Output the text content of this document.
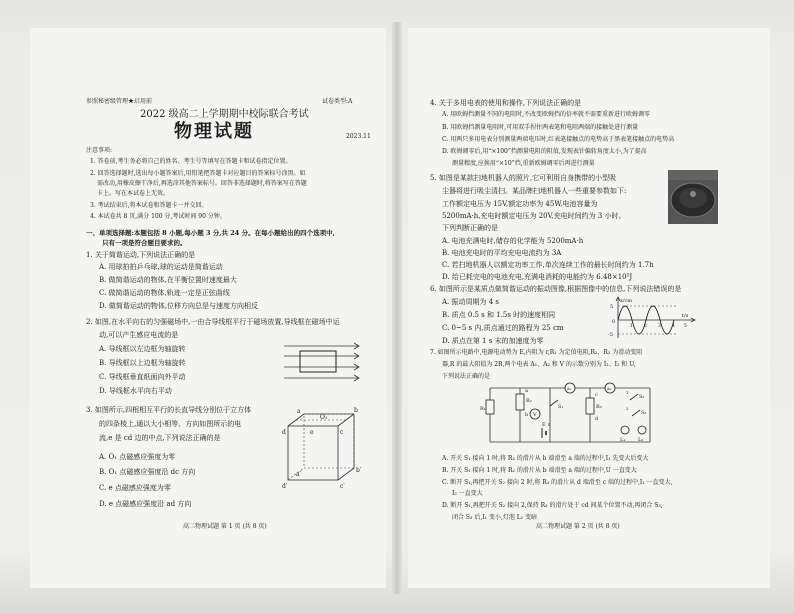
参照秘密级管理★启用前	试卷类型:A
2022 级高二上学期期中校际联合考试
物理试题	2023.11
注意事项:
1. 答卷前,考生务必将自己的姓名、考生号等填写在答题卡和试卷指定位置。
2. 回答选择题时,选出每小题答案后,用铅笔把答题卡对应题目的答案标号涂黑。如
需改动,用橡皮擦干净后,再选涂其他答案标号。回答非选择题时,将答案写在答题
卡上。写在本试卷上无效。
3. 考试结束后,将本试卷和答题卡一并交回。
4. 本试卷共 8 页,满分 100 分,考试时间 90 分钟。
一、单项选择题:本题包括 8 小题,每小题 3 分,共 24 分。在每小题给出的四个选项中,
只有一项是符合题目要求的。
1. 关于简谐运动,下列说法正确的是
A. 用球拍拍乒乓球,球的运动是简谐运动
B. 做简谐运动的物体,在平衡位置时速度最大
C. 做简谐运动的物体,轨迹一定是正弦曲线
D. 做简谐运动的物体,位移方向总是与速度方向相反
2. 如图,在水平向右的匀强磁场中,一由合导线框平行于磁场放置,导线框在磁场中运
动,可以产生感应电流的是
A. 导线框以左边框为轴旋转
B. 导线框以上边框为轴旋转
C. 导线框垂直纸面向外平动
D. 导线框水平向右平动
3. 如图所示,四根相互平行的长直导线分别位于立方体
的四条棱上,通以大小相等、方向如图所示的电
流,e 是 cd 边的中点,下列说法正确的是
A. O₁ 点磁感应强度为零
B. O₁ 点磁感应强度沿 dc 方向
C. e 点磁感应强度为零
D. e 点磁感应强度沿 ad 方向
a	b
c
d
O₁
e
a′
b′
c′
d′
高二物理试题 第 1 页 (共 8 页)
4. 关于多用电表的使用和操作,下列说法正确的是
A. 用欧姆挡测量不同的电阻时,不改变欧姆挡的倍率就不需要重新进行欧姆调零
B. 用欧姆挡测量电阻时,可用双手捏住两表笔和电阻两端的接触处进行测量
C. 用两只多用电表分别测量两端电压时,红表笔接触点的电势高于黑表笔接触点的电势高
D. 欧姆调零后,用“×100”挡测量电阻的阻值,发现表针偏转角度太小,为了提高
测量精度,应换用“×10”挡,重新欧姆调零后再进行测量
5. 如图是某款扫地机器人的照片,它可利用自身携带的小型吸
尘器将进行吸尘清扫。某品牌扫地机器人一些重要参数如下:
工作额定电压为 15V,额定功率为 45W,电池容量为
5200mA·h,充电时额定电压为 20V,充电时间约为 3 小时。
下列判断正确的是
A. 电池充满电时,储存的化学能为 5200mA·h
B. 电池充电时的平均充电电流约为 3A
C. 若扫地机器人以额定功率工作,单次连续工作的最长时间约为 1.7h
D. 给已耗完电的电池充电,充满电消耗的电能约为 6.48×10⁵J
6. 如图所示是某质点做简谐运动的振动图像,根据图像中的信息,下列说法错误的是
A. 振动周期为 4 s
B. 质点 0.5 s 和 1.5s 时的速度相同
C. 0~5 s 内,质点通过的路程为 25 cm
D. 质点在第 1 s 末的加速度为零
x/cm
t/s
5
0
-5
1 2 3 4 5
7. 如图所示电路中,电源电动势为 E,内阻为 r,R₁ 为定值电阻,R₂、R₃ 为滑动变阻
器,R 的最大阻值为 2R,两个电表 A₁、A₂ 和 V 的示数分别为 I₁、I₂ 和 U,
下列说法正确的是
R₁
R₂
R₃
A₁	A₂
V
S₁
S₂
S₃
L₁	L₂
a
b
c
d
E r
1
2
A. 开关 S₁ 接向 1 时,将 R₂ 的滑片从 b 端滑至 a 端的过程中,I₁ 先变大后变大
B. 开关 S₁ 接向 1 时,将 R₂ 的滑片从 b 端滑至 a 端的过程中,U 一直变大
C. 断开 S₁,再把开关 S₂ 接向 2 时,将 R₃ 的滑片从 d 端滑至 c 端的过程中,I₁ 一直变大,
I₂ 一直变大
D. 断开 S₁,再把开关 S₂ 接向 2,保持 R₃ 的滑片处于 cd 间某个位置不动,再闭合 S₃,
闭合 S₃ 后,I₁ 变小,灯泡 L₁ 变暗
高二物理试题 第 2 页 (共 8 页)
